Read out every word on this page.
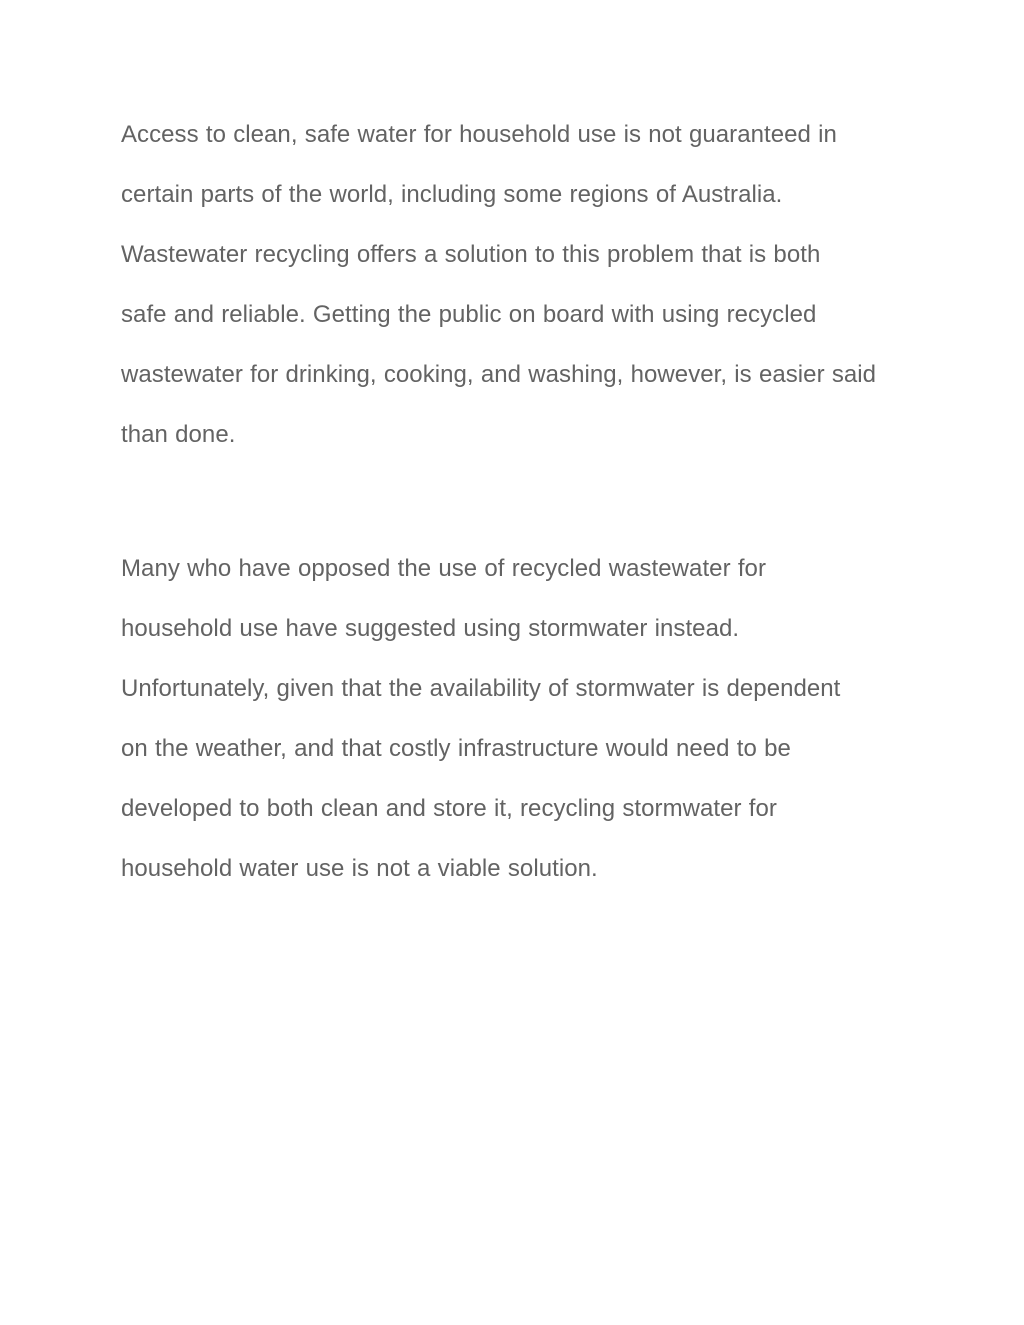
Access to clean, safe water for household use is not guaranteed in
certain parts of the world, including some regions of Australia.
Wastewater recycling offers a solution to this problem that is both
safe and reliable. Getting the public on board with using recycled
wastewater for drinking, cooking, and washing, however, is easier said
than done.

Many who have opposed the use of recycled wastewater for
household use have suggested using stormwater instead.
Unfortunately, given that the availability of stormwater is dependent
on the weather, and that costly infrastructure would need to be
developed to both clean and store it, recycling stormwater for
household water use is not a viable solution.
